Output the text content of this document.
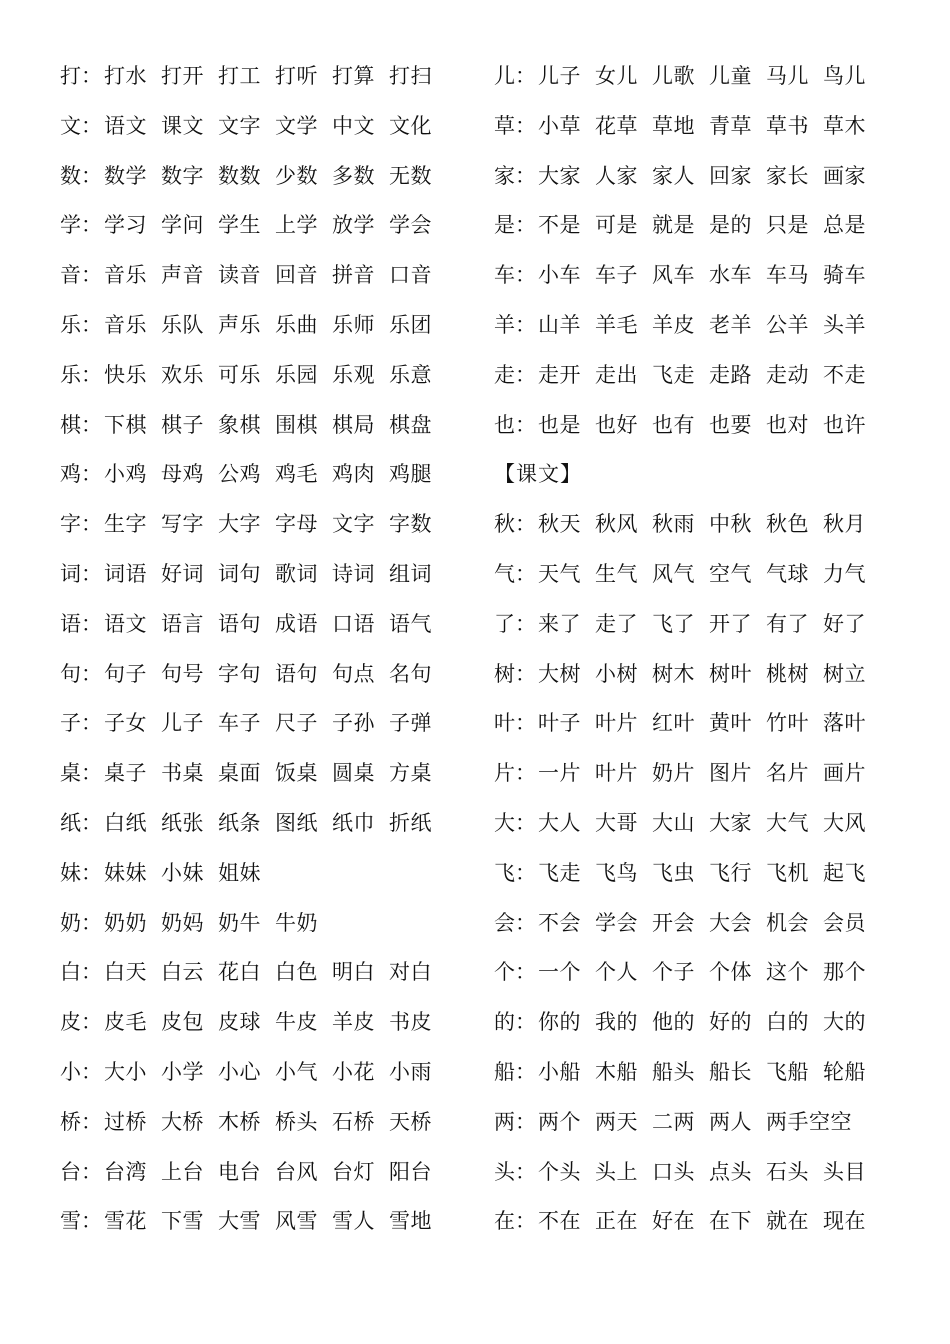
打： 打水 打开 打工 打听 打算 打扫
文： 语文 课文 文字 文学 中文 文化
数： 数学 数字 数数 少数 多数 无数
学： 学习 学问 学生 上学 放学 学会
音： 音乐 声音 读音 回音 拼音 口音
乐： 音乐 乐队 声乐 乐曲 乐师 乐团
乐： 快乐 欢乐 可乐 乐园 乐观 乐意
棋： 下棋 棋子 象棋 围棋 棋局 棋盘
鸡： 小鸡 母鸡 公鸡 鸡毛 鸡肉 鸡腿
字： 生字 写字 大字 字母 文字 字数
词： 词语 好词 词句 歌词 诗词 组词
语： 语文 语言 语句 成语 口语 语气
句： 句子 句号 字句 语句 句点 名句
子： 子女 儿子 车子 尺子 子孙 子弹
桌： 桌子 书桌 桌面 饭桌 圆桌 方桌
纸： 白纸 纸张 纸条 图纸 纸巾 折纸
妹： 妹妹 小妹 姐妹
奶： 奶奶 奶妈 奶牛 牛奶
白： 白天 白云 花白 白色 明白 对白
皮： 皮毛 皮包 皮球 牛皮 羊皮 书皮
小： 大小 小学 小心 小气 小花 小雨
桥： 过桥 大桥 木桥 桥头 石桥 天桥
台： 台湾 上台 电台 台风 台灯 阳台
雪： 雪花 下雪 大雪 风雪 雪人 雪地
儿： 儿子 女儿 儿歌 儿童 马儿 鸟儿
草： 小草 花草 草地 青草 草书 草木
家： 大家 人家 家人 回家 家长 画家
是： 不是 可是 就是 是的 只是 总是
车： 小车 车子 风车 水车 车马 骑车
羊： 山羊 羊毛 羊皮 老羊 公羊 头羊
走： 走开 走出 飞走 走路 走动 不走
也： 也是 也好 也有 也要 也对 也许
【课文】
秋： 秋天 秋风 秋雨 中秋 秋色 秋月
气： 天气 生气 风气 空气 气球 力气
了： 来了 走了 飞了 开了 有了 好了
树： 大树 小树 树木 树叶 桃树 树立
叶： 叶子 叶片 红叶 黄叶 竹叶 落叶
片： 一片 叶片 奶片 图片 名片 画片
大： 大人 大哥 大山 大家 大气 大风
飞： 飞走 飞鸟 飞虫 飞行 飞机 起飞
会： 不会 学会 开会 大会 机会 会员
个： 一个 个人 个子 个体 这个 那个
的： 你的 我的 他的 好的 白的 大的
船： 小船 木船 船头 船长 飞船 轮船
两： 两个 两天 二两 两人 两手空空
头： 个头 头上 口头 点头 石头 头目
在： 不在 正在 好在 在下 就在 现在
